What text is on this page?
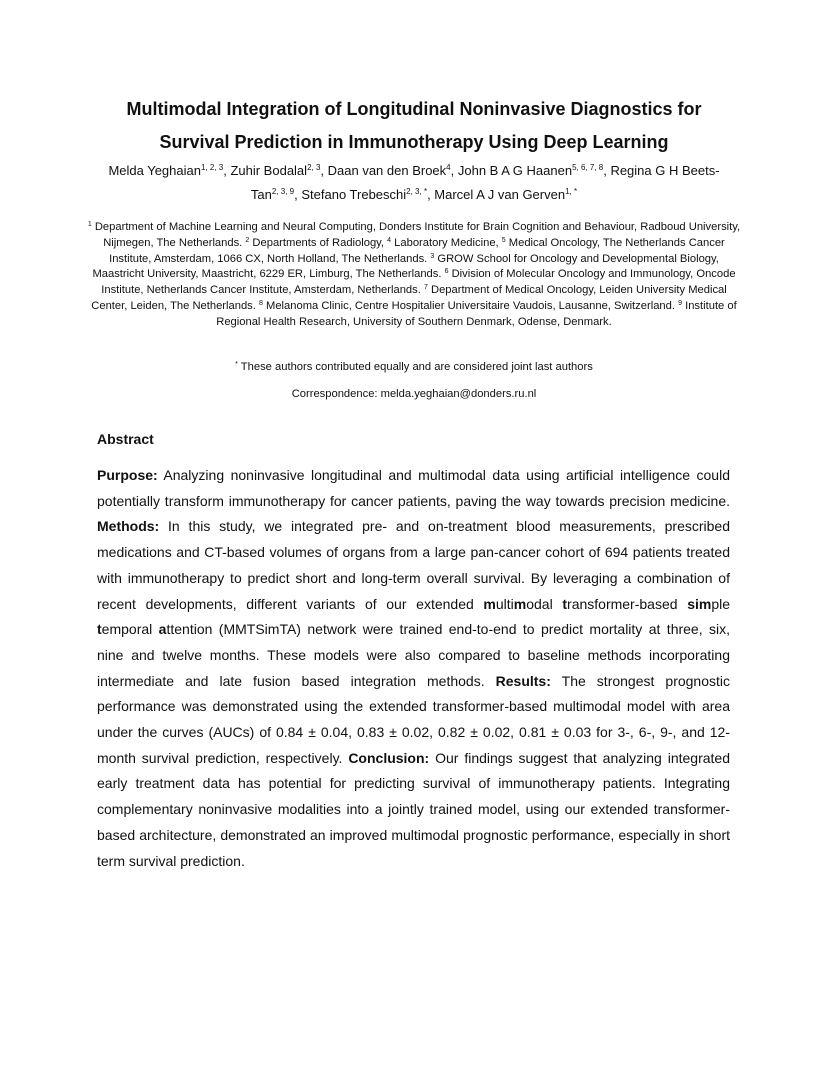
Multimodal Integration of Longitudinal Noninvasive Diagnostics for
Survival Prediction in Immunotherapy Using Deep Learning

Melda Yeghaian$^{1, 2, 3}$, Zuhir Bodalal$^{2, 3}$, Daan van den Broek$^4$, John B A G Haanen$^{5, 6, 7, 8}$, Regina G H Beets-Tan$^{2, 3, 9}$, Stefano Trebeschi$^{2, 3, *}$, Marcel A J van Gerven$^{1, *}$

$^1$ Department of Machine Learning and Neural Computing, Donders Institute for Brain Cognition and Behaviour, Radboud University, Nijmegen, The Netherlands. $^2$ Departments of Radiology, $^4$ Laboratory Medicine, $^5$ Medical Oncology, The Netherlands Cancer Institute, Amsterdam, 1066 CX, North Holland, The Netherlands. $^3$ GROW School for Oncology and Developmental Biology, Maastricht University, Maastricht, 6229 ER, Limburg, The Netherlands. $^6$ Division of Molecular Oncology and Immunology, Oncode Institute, Netherlands Cancer Institute, Amsterdam, Netherlands. $^7$ Department of Medical Oncology, Leiden University Medical Center, Leiden, The Netherlands. $^8$ Melanoma Clinic, Centre Hospitalier Universitaire Vaudois, Lausanne, Switzerland. $^9$ Institute of Regional Health Research, University of Southern Denmark, Odense, Denmark.

* These authors contributed equally and are considered joint last authors

Correspondence: melda.yeghaian@donders.ru.nl

Abstract

Purpose: Analyzing noninvasive longitudinal and multimodal data using artificial intelligence could potentially transform immunotherapy for cancer patients, paving the way towards precision medicine. Methods: In this study, we integrated pre- and on-treatment blood measurements, prescribed medications and CT-based volumes of organs from a large pan-cancer cohort of 694 patients treated with immunotherapy to predict short and long-term overall survival. By leveraging a combination of recent developments, different variants of our extended multimodal transformer-based simple temporal attention (MMTSimTA) network were trained end-to-end to predict mortality at three, six, nine and twelve months. These models were also compared to baseline methods incorporating intermediate and late fusion based integration methods. Results: The strongest prognostic performance was demonstrated using the extended transformer-based multimodal model with area under the curves (AUCs) of 0.84 ± 0.04, 0.83 ± 0.02, 0.82 ± 0.02, 0.81 ± 0.03 for 3-, 6-, 9-, and 12-month survival prediction, respectively. Conclusion: Our findings suggest that analyzing integrated early treatment data has potential for predicting survival of immunotherapy patients. Integrating complementary noninvasive modalities into a jointly trained model, using our extended transformer-based architecture, demonstrated an improved multimodal prognostic performance, especially in short term survival prediction.
